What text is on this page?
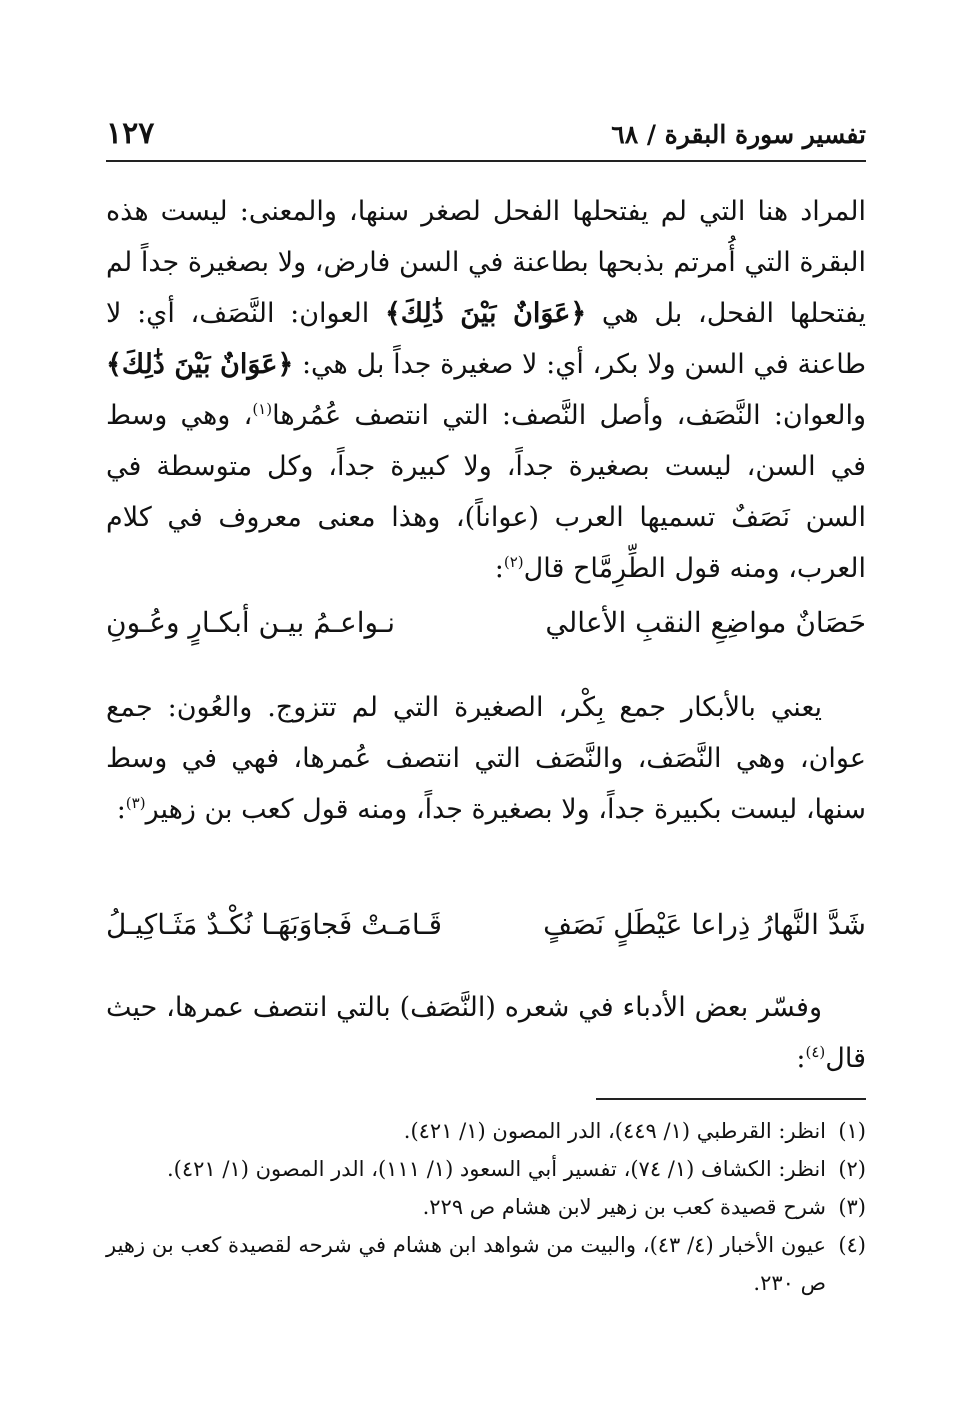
تفسير سورة البقرة / ٦٨
١٢٧
المراد هنا التي لم يفتحلها الفحل لصغر سنها، والمعنى: ليست هذه البقرة التي أُمرتم بذبحها بطاعنة في السن فارض، ولا بصغيرة جداً لم يفتحلها الفحل، بل هي ﴿عَوَانٌ بَيْنَ ذَٰلِكَ﴾ العوان: النَّصَف، أي: لا طاعنة في السن ولا بكر، أي: لا صغيرة جداً بل هي: ﴿عَوَانٌ بَيْنَ ذَٰلِكَ﴾ والعوان: النَّصَف، وأصل النَّصف: التي انتصف عُمُرها$^{(١)}$، وهي وسط في السن، ليست بصغيرة جداً، ولا كبيرة جداً، وكل متوسطة في السن نَصَفٌ تسميها العرب (عواناً)، وهذا معنى معروف في كلام العرب، ومنه قول الطِّرِمَّاح قال$^{(٢)}$:
حَصَانٌ مواضِعِ النقبِ الأعالي
نـواعـمُ بيـن أبكـارٍ وعُـونِ
يعني بالأبكار جمع بِكْر، الصغيرة التي لم تتزوج. والعُون: جمع عوان، وهي النَّصَف، والنَّصَف التي انتصف عُمرها، فهي في وسط سنها، ليست بكبيرة جداً، ولا بصغيرة جداً، ومنه قول كعب بن زهير$^{(٣)}$:
شَدَّ النَّهارُ ذِراعا عَيْطَلٍ نَصَفٍ
قَـامَـتْ فَجاوَبَهَـا نُكْـدٌ مَثَـاكِيـلُ
وفسّر بعض الأدباء في شعره (النَّصَف) بالتي انتصف عمرها، حيث قال$^{(٤)}$:
(١)
انظر: القرطبي (١/ ٤٤٩)، الدر المصون (١/ ٤٢١).
(٢)
انظر: الكشاف (١/ ٧٤)، تفسير أبي السعود (١/ ١١١)، الدر المصون (١/ ٤٢١).
(٣)
شرح قصيدة كعب بن زهير لابن هشام ص ٢٢٩.
(٤)
عيون الأخبار (٤/ ٤٣)، والبيت من شواهد ابن هشام في شرحه لقصيدة كعب بن زهير ص ٢٣٠.
